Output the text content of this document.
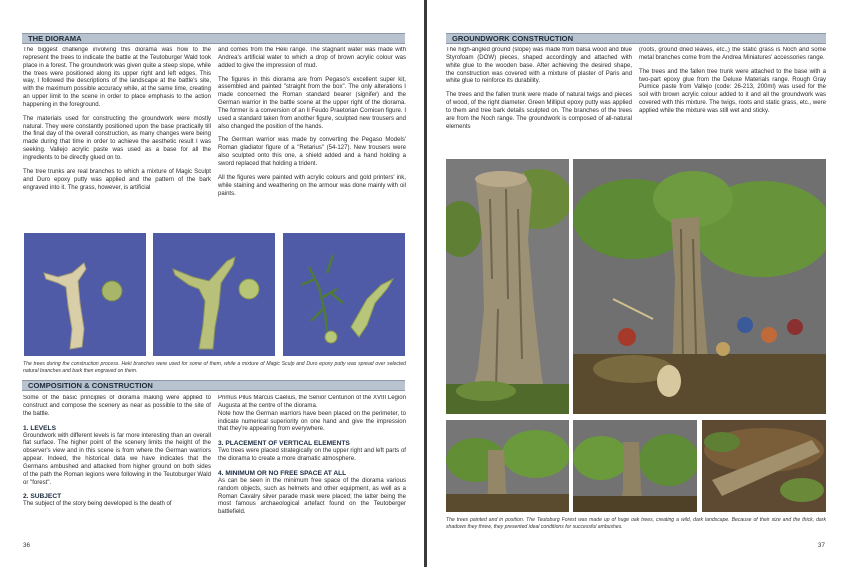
THE DIORAMA

The biggest challenge involving this diorama was how to the represent the trees to indicate the battle at the Teutoburger Wald took place in a forest. The groundwork was given quite a steep slope, while the trees were positioned along its upper right and left edges. This way, I followed the descriptions of the landscape at the battle's site, with the maximum possible accuracy while, at the same time, creating an upper limit to the scene in order to place emphasis to the action happening in the foreground.

The materials used for constructing the groundwork were mostly natural. They were constantly positioned upon the base practically till the final day of the overall construction, as many changes were being made during that time in order to achieve the aesthetic result I was seeking. Vallejo acrylic paste was used as a base for all the ingredients to be directly glued on to.

The tree trunks are real branches to which a mixture of Magic Sculpt and Duro epoxy putty was applied and the pattern of the bark engraved into it. The grass, however, is artificial

and comes from the Heki range. The stagnant water was made with Andrea's artificial water to which a drop of brown acrylic colour was added to give the impression of mud.

The figures in this diorama are from Pegaso's excellent super kit, assembled and painted "straight from the box". The only alterations I made concerned the Roman standard bearer (signifer) and the German warrior in the battle scene at the upper right of the diorama. The former is a conversion of an Il Feudo Praetorian Cornicen figure. I used a standard taken from another figure, sculpted new trousers and also changed the position of the hands.

The German warrior was made by converting the Pegaso Models' Roman gladiator figure of a "Retarius" (54-127). New trousers were also sculpted onto this one, a shield added and a hand holding a sword replaced that holding a trident.

All the figures were painted with acrylic colours and gold printers' ink, while staining and weathering on the armour was done mainly with oil paints.

The trees during the construction process. Heki branches were used for some of them, while a mixture of Magic Sculp and Duro epoxy putty was spread over selected natural branches and bark then engraved on them.
COMPOSITION & CONSTRUCTION

Some of the basic principles of diorama making were applied to construct and compose the scenery as near as possible to the site of the battle.

1. LEVELS

Groundwork with different levels is far more interesting than an overall flat surface. The higher point of the scenery limits the height of the observer's view and in this scene is from where the German warriors appear. Indeed, the historical data we have indicates that the Germans ambushed and attacked from higher ground on both sides of the path the Roman legions were following in the Teutoburger Wald or "forest".

2. SUBJECT

The subject of the story being developed is the death of

Primus Pilus Marcus Caelius, the Senior Centurion of the XVIII Legion Augusta at the centre of the diorama.

Note how the German warriors have been placed on the perimeter, to indicate numerical superiority on one hand and give the impression that they're appearing from everywhere.

3. PLACEMENT OF VERTICAL ELEMENTS

Two trees were placed strategically on the upper right and left parts of the diorama to create a more dramatic atmosphere.

4. MINIMUM OR NO FREE SPACE AT ALL

As can be seen in the minimum free space of the diorama various random objects, such as helmets and other equipment, as well as a Roman Cavalry silver parade mask were placed; the latter being the most famous archaeological artefact found on the Teutoberger battlefield.

36
GROUNDWORK CONSTRUCTION

The high-angled ground (slope) was made from balsa wood and blue Styrofoam (DOW) pieces, shaped accordingly and attached with white glue to the wooden base. After achieving the desired shape, the construction was covered with a mixture of plaster of Paris and white glue to reinforce its durability.

The trees and the fallen trunk were made of natural twigs and pieces of wood, of the right diameter. Green Milliput epoxy putty was applied to them and tree bark details sculpted on. The branches of the trees are from the Noch range. The groundwork is composed of all-natural elements

(roots, ground dried leaves, etc.,) the static grass is Noch and some metal branches come from the Andrea Miniatures' accessories range.

The trees and the fallen tree trunk were attached to the base with a two-part epoxy glue from the Deluxe Materials range. Rough Gray Pumice paste from Vallejo (code: 26-213, 200ml) was used for the soil with brown acrylic colour added to it and all the groundwork was covered with this mixture. The twigs, roots and static grass, etc., were applied while the mixture was still wet and sticky.

The trees painted and in position. The Teutoburg Forest was made up of huge oak trees, creating a wild, dark landscape. Because of their size and the thick, dark shadows they threw, they presented ideal conditions for successful ambushes.
37
